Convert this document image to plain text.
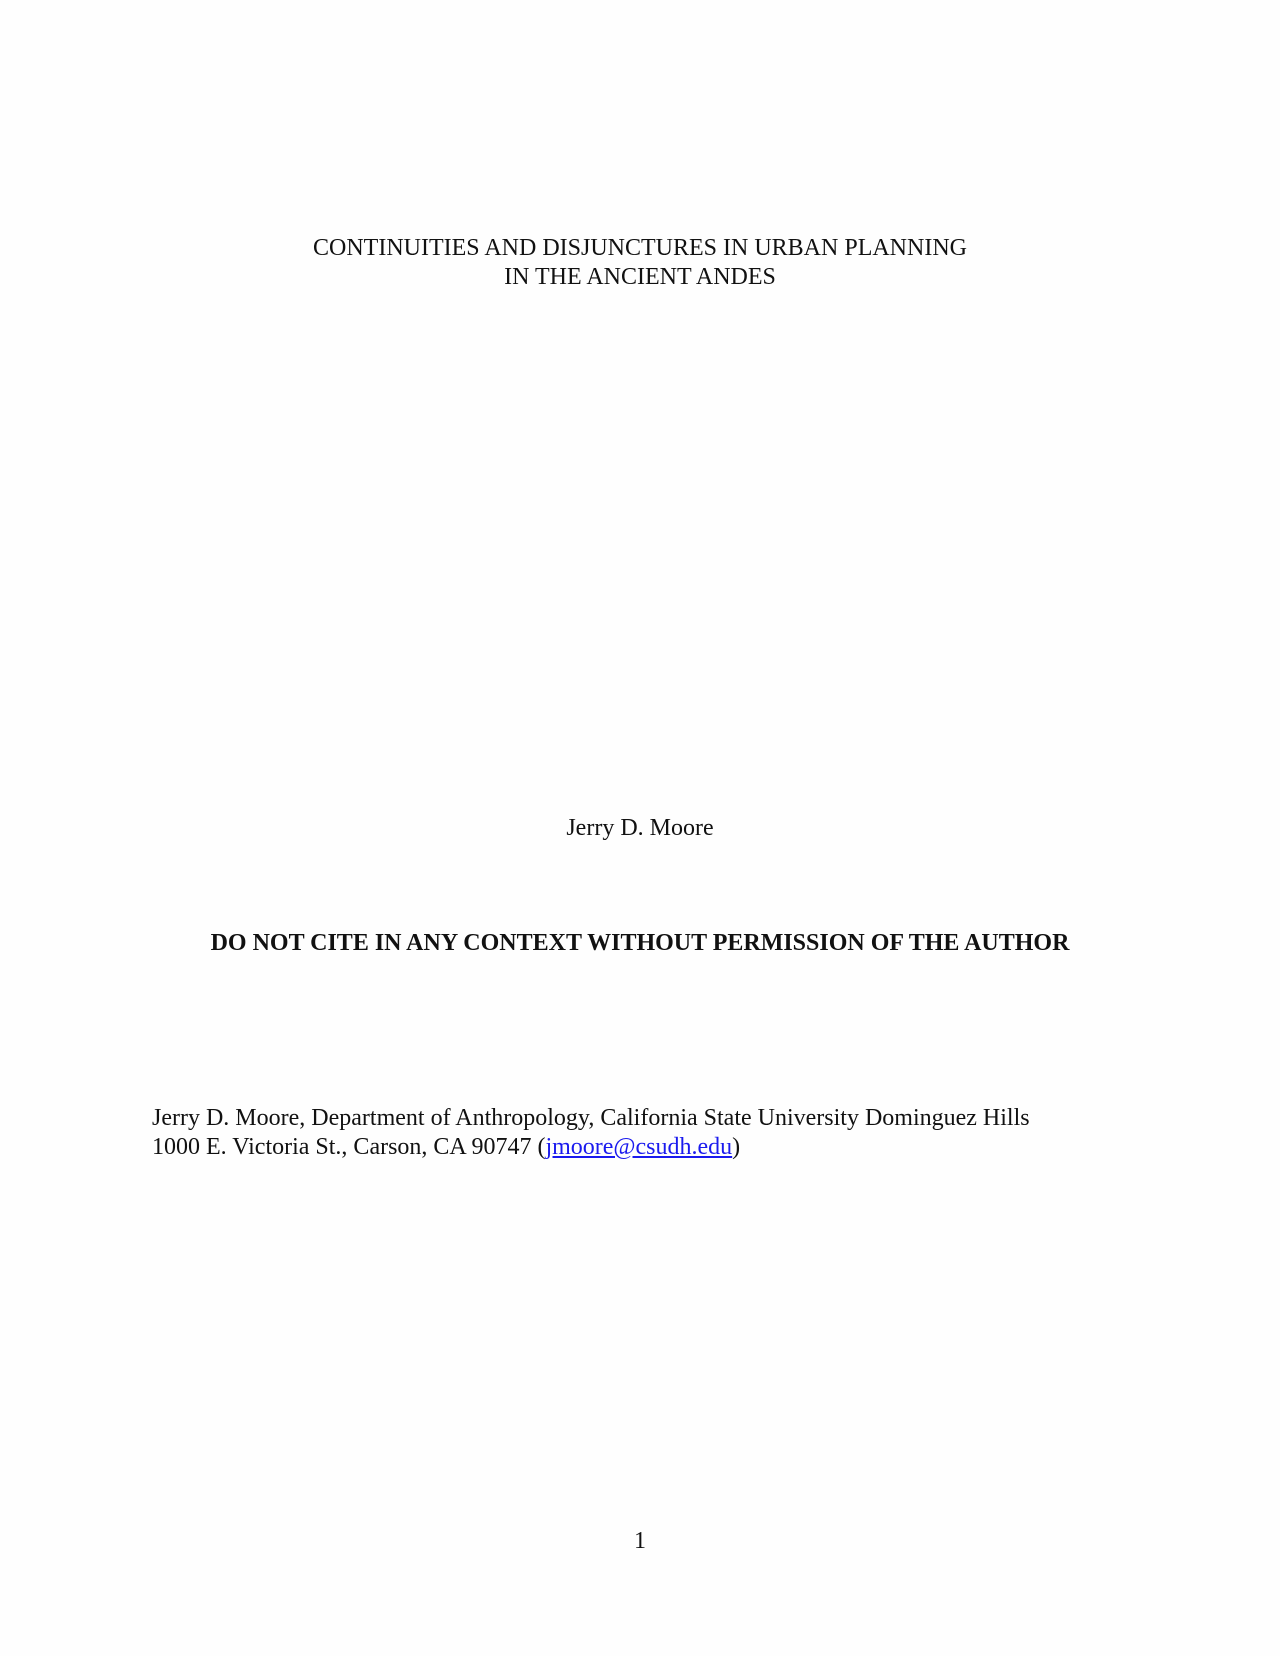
CONTINUITIES AND DISJUNCTURES IN URBAN PLANNING
IN THE ANCIENT ANDES
Jerry D. Moore
DO NOT CITE IN ANY CONTEXT WITHOUT PERMISSION OF THE AUTHOR
Jerry D. Moore, Department of Anthropology, California State University Dominguez Hills
1000 E. Victoria St., Carson, CA 90747 (jmoore@csudh.edu)
1
